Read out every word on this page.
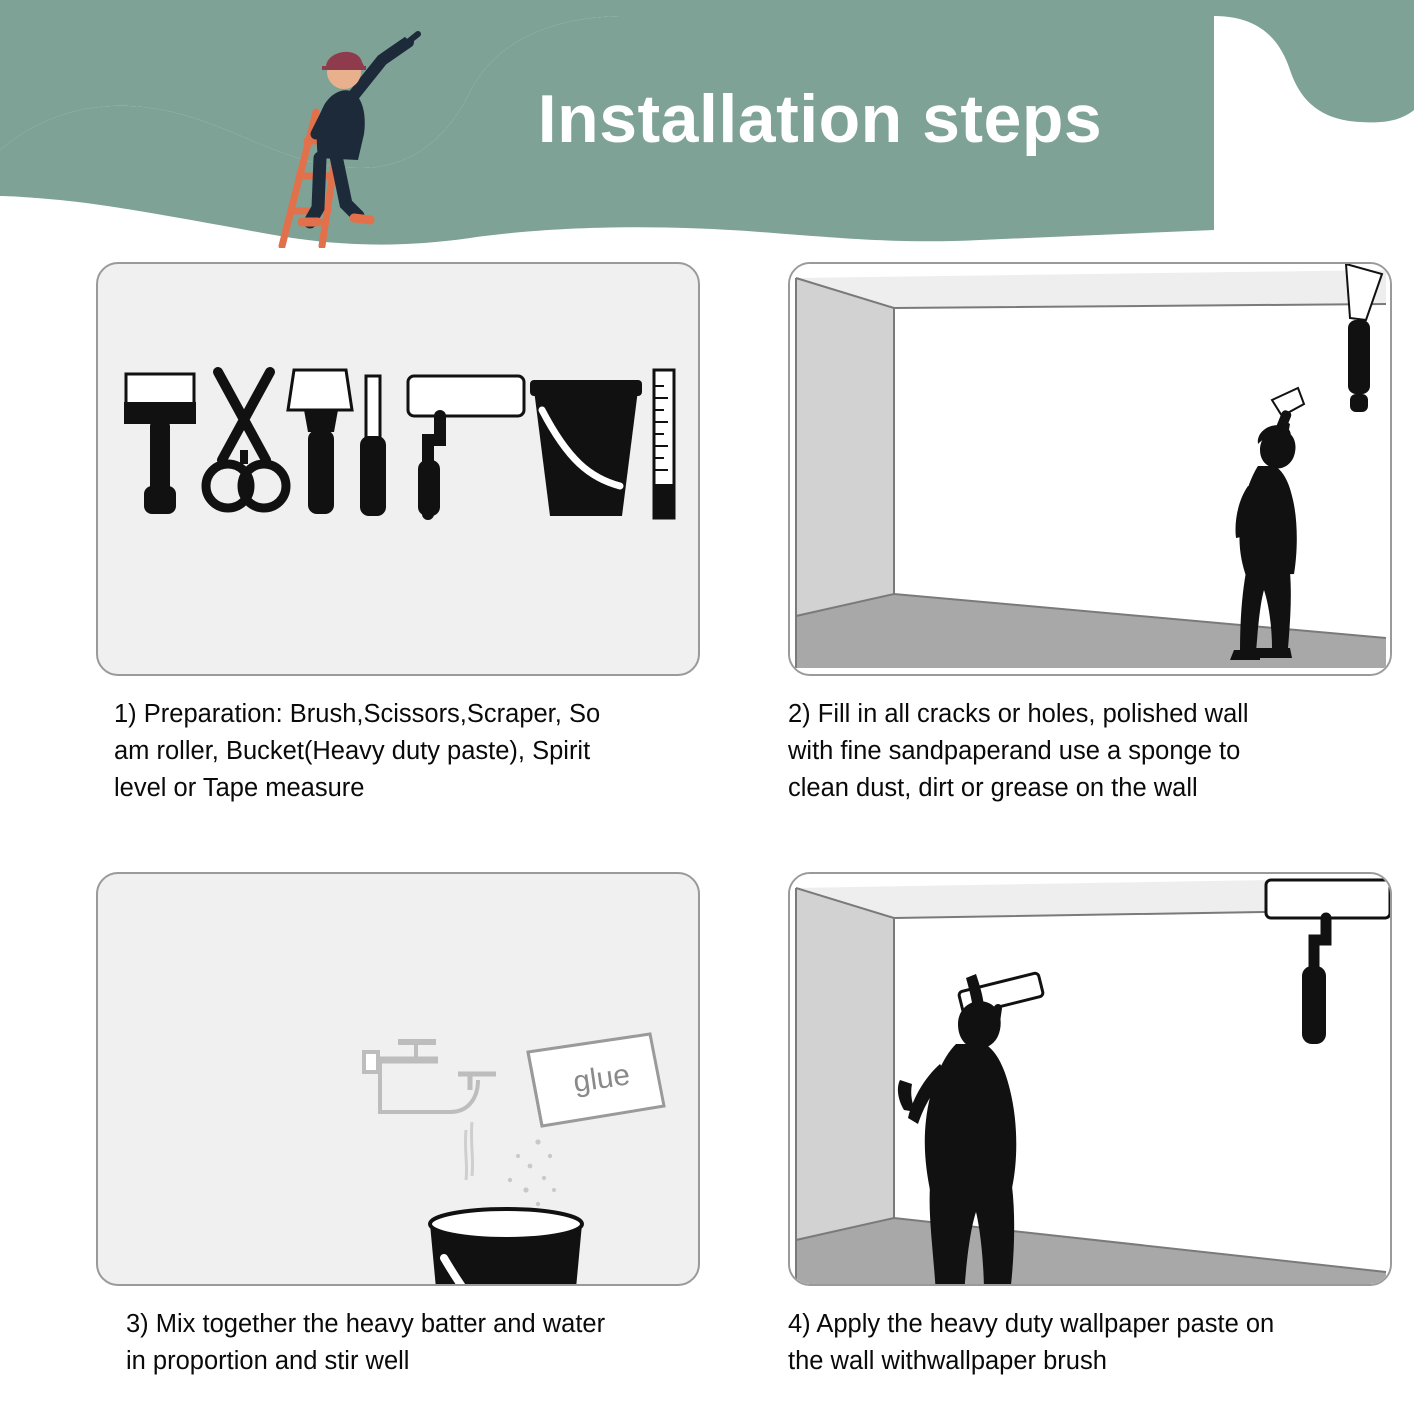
Installation steps
1) Preparation: Brush,Scissors,Scraper, So
am roller, Bucket(Heavy duty paste), Spirit
level or Tape measure
2) Fill in all cracks or holes, polished wall
with fine sandpaperand use a sponge to
clean dust, dirt or grease on the wall
glue
3) Mix together the heavy batter and water
in proportion and stir well
4) Apply the heavy duty wallpaper paste on
the wall withwallpaper brush
